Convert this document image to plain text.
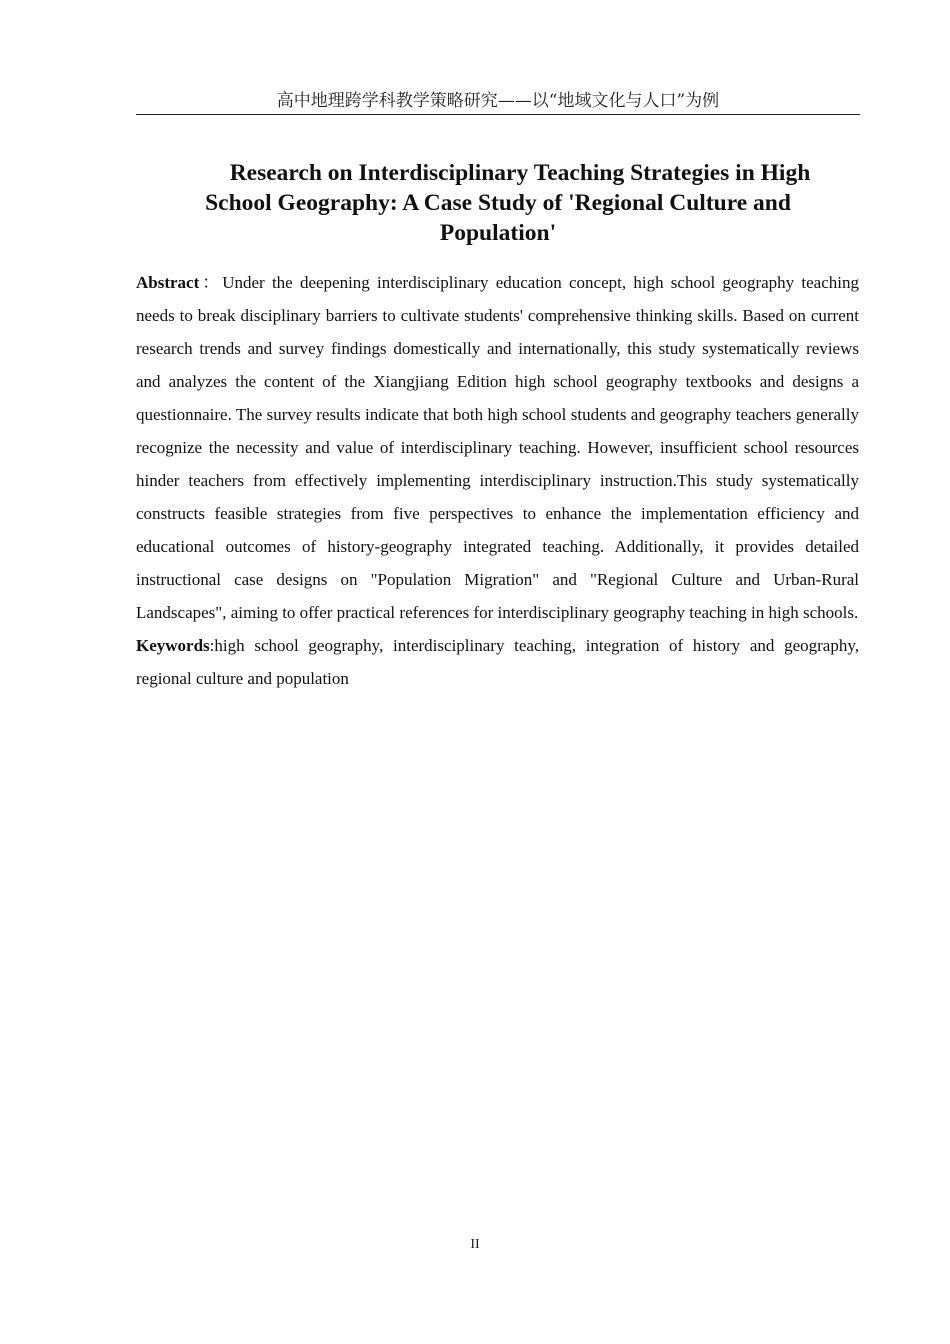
高中地理跨学科教学策略研究——以“地域文化与人口”为例
Research on Interdisciplinary Teaching Strategies in High
School Geography: A Case Study of 'Regional Culture and
Population'

Abstract：Under the deepening interdisciplinary education concept, high school geography teaching needs to break disciplinary barriers to cultivate students' comprehensive thinking skills. Based on current research trends and survey findings domestically and internationally, this study systematically reviews and analyzes the content of the Xiangjiang Edition high school geography textbooks and designs a questionnaire. The survey results indicate that both high school students and geography teachers generally recognize the necessity and value of interdisciplinary teaching. However, insufficient school resources hinder teachers from effectively implementing interdisciplinary instruction.This study systematically constructs feasible strategies from five perspectives to enhance the implementation efficiency and educational outcomes of history-geography integrated teaching. Additionally, it provides detailed instructional case designs on "Population Migration" and "Regional Culture and Urban-Rural Landscapes", aiming to offer practical references for interdisciplinary geography teaching in high schools.

Keywords:high school geography, interdisciplinary teaching, integration of history and geography, regional culture and population

II
